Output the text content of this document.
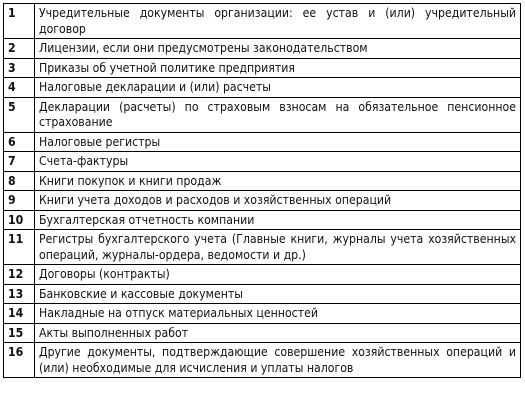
1	Учредительные документы организации: ее устав и (или) учредительный договор
2	Лицензии, если они предусмотрены законодательством
3	Приказы об учетной политике предприятия
4	Налоговые декларации и (или) расчеты
5	Декларации (расчеты) по страховым взносам на обязательное пенсионное страхование
6	Налоговые регистры
7	Счета-фактуры
8	Книги покупок и книги продаж
9	Книги учета доходов и расходов и хозяйственных операций
10	Бухгалтерская отчетность компании
11	Регистры бухгалтерского учета (Главные книги, журналы учета хозяйственных операций, журналы-ордера, ведомости и др.)
12	Договоры (контракты)
13	Банковские и кассовые документы
14	Накладные на отпуск материальных ценностей
15	Акты выполненных работ
16	Другие документы, подтверждающие совершение хозяйственных операций и (или) необходимые для исчисления и уплаты налогов
